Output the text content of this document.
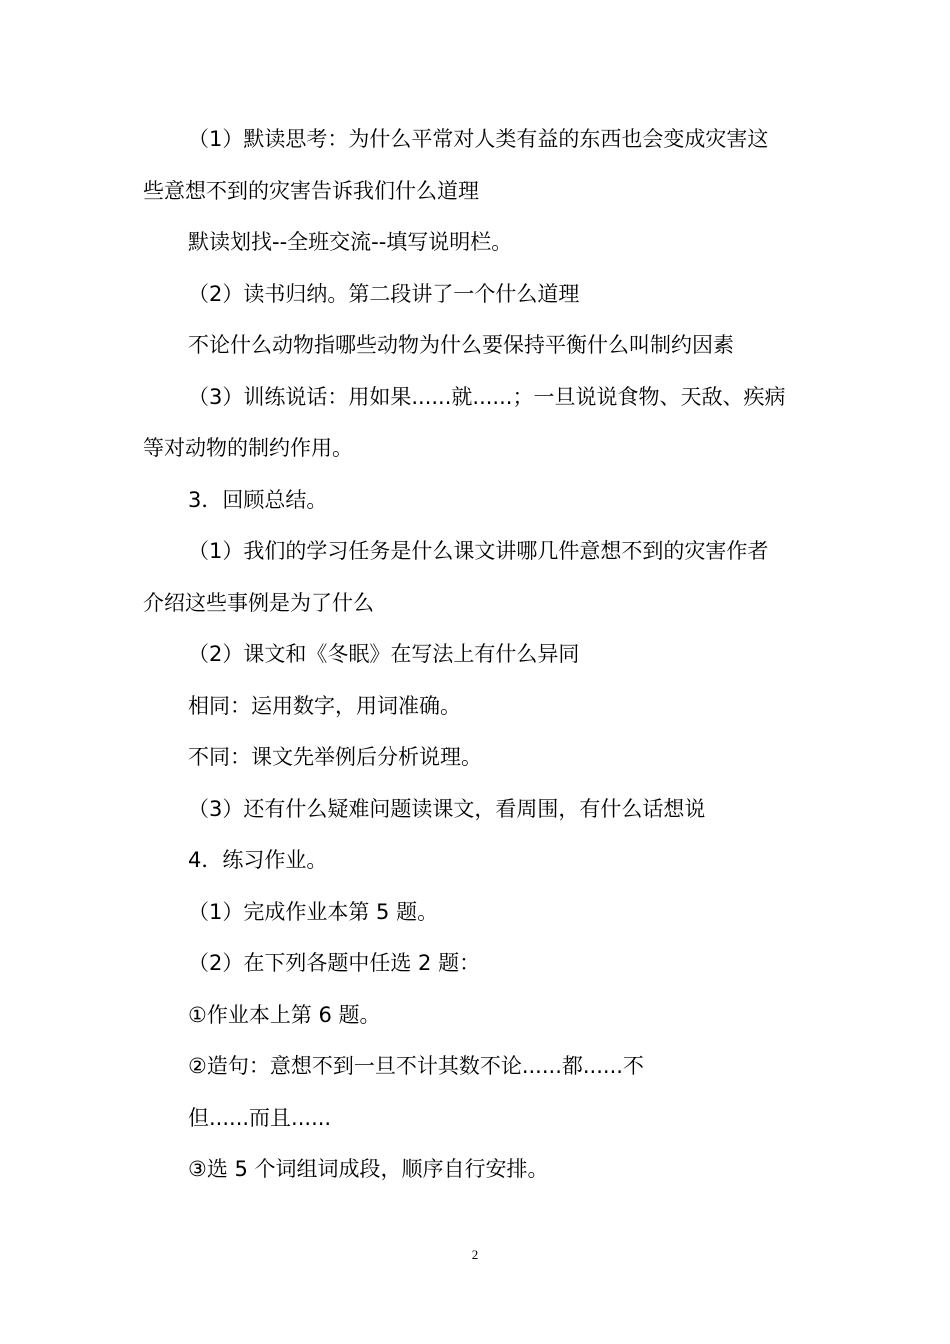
（1）默读思考：为什么平常对人类有益的东西也会变成灾害这

些意想不到的灾害告诉我们什么道理

默读划找--全班交流--填写说明栏。

（2）读书归纳。第二段讲了一个什么道理

不论什么动物指哪些动物为什么要保持平衡什么叫制约因素

（3）训练说话：用如果......就......；一旦说说食物、天敌、疾病

等对动物的制约作用。

3．回顾总结。

（1）我们的学习任务是什么课文讲哪几件意想不到的灾害作者

介绍这些事例是为了什么

（2）课文和《冬眠》在写法上有什么异同

相同：运用数字，用词准确。

不同：课文先举例后分析说理。

（3）还有什么疑难问题读课文，看周围，有什么话想说

4．练习作业。

（1）完成作业本第 5 题。

（2）在下列各题中任选 2 题：

①作业本上第 6 题。

②造句：意想不到一旦不计其数不论......都......不

但......而且......

③选 5 个词组词成段，顺序自行安排。

2
